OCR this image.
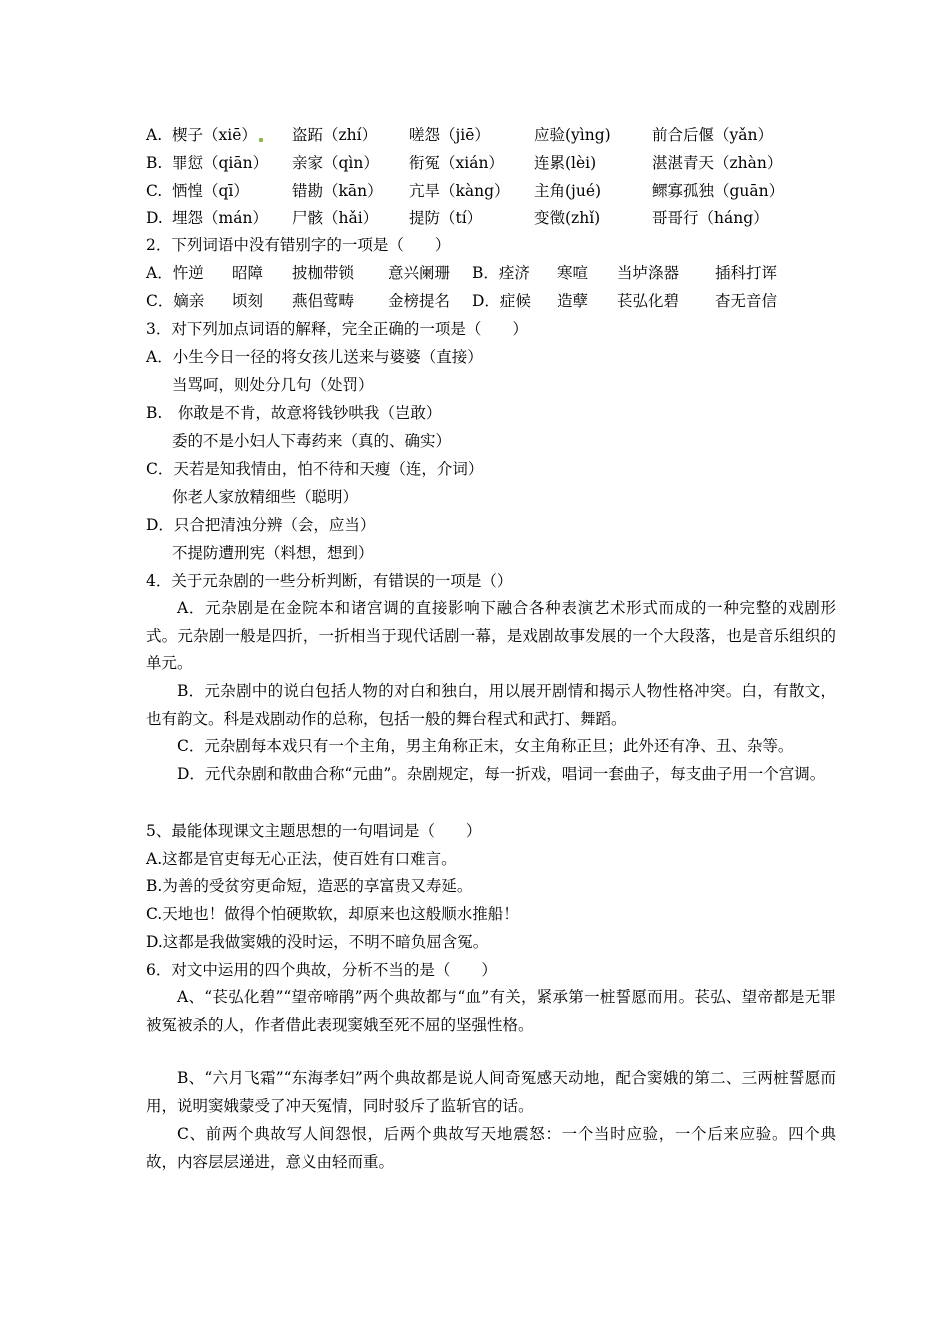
A. 楔子（xiē） 盗跖（zhí） 嗟怨（jiē）	应验(yìng)	前合后偃（yǎn）
B. 罪愆（qiān） 亲家（qìn） 衔冤（xián） 连累(lèi)	湛湛青天（zhàn）
C. 恓惶（qī）	错勘（kān） 亢旱（kàng） 主角(jué)	鳏寡孤独（guān）
D. 埋怨（mán） 尸骸（hǎi） 提防（tí）	变徵(zhǐ)	哥哥行（háng）
2．下列词语中没有错别字的一项是（　　）
A．忤逆 昭障 披枷带锁 意兴阑珊 B．痊济 寒喧 当垆涤器 插科打诨
C．嫡亲 顷刻 燕侣莺畴 金榜提名 D．症候 造孽 苌弘化碧 杳无音信
3．对下列加点词语的解释，完全正确的一项是（　　）
A．小生今日一径的将女孩儿送来与婆婆（直接）
当骂呵，则处分几句（处罚）
B.　你敢是不肯，故意将钱钞哄我（岂敢）
委的不是小妇人下毒药来（真的、确实）
C．天若是知我情由，怕不待和天瘦（连，介词）
你老人家放精细些（聪明）
D．只合把清浊分辨（会，应当）
不提防遭刑宪（料想，想到）
4．关于元杂剧的一些分析判断，有错误的一项是（）
A．元杂剧是在金院本和诸宫调的直接影响下融合各种表演艺术形式而成的一种完整的戏剧形式。元杂剧一般是四折，一折相当于现代话剧一幕，是戏剧故事发展的一个大段落，也是音乐组织的单元。
B．元杂剧中的说白包括人物的对白和独白，用以展开剧情和揭示人物性格冲突。白，有散文，也有韵文。科是戏剧动作的总称，包括一般的舞台程式和武打、舞蹈。
C．元杂剧每本戏只有一个主角，男主角称正末，女主角称正旦；此外还有净、丑、杂等。
D．元代杂剧和散曲合称“元曲”。杂剧规定，每一折戏，唱词一套曲子，每支曲子用一个宫调。
5、最能体现课文主题思想的一句唱词是（　　）
A.这都是官吏每无心正法，使百姓有口难言。
B.为善的受贫穷更命短，造恶的享富贵又寿延。
C.天地也！做得个怕硬欺软，却原来也这般顺水推船！
D.这都是我做窦娥的没时运，不明不暗负屈含冤。
6．对文中运用的四个典故，分析不当的是（　　）
A、“苌弘化碧”“望帝啼鹃”两个典故都与“血”有关，紧承第一桩誓愿而用。苌弘、望帝都是无罪被冤被杀的人，作者借此表现窦娥至死不屈的坚强性格。
B、“六月飞霜”“东海孝妇”两个典故都是说人间奇冤感天动地，配合窦娥的第二、三两桩誓愿而用，说明窦娥蒙受了冲天冤情，同时驳斥了监斩官的话。
C、前两个典故写人间怨恨，后两个典故写天地震怒：一个当时应验，一个后来应验。四个典故，内容层层递进，意义由轻而重。
